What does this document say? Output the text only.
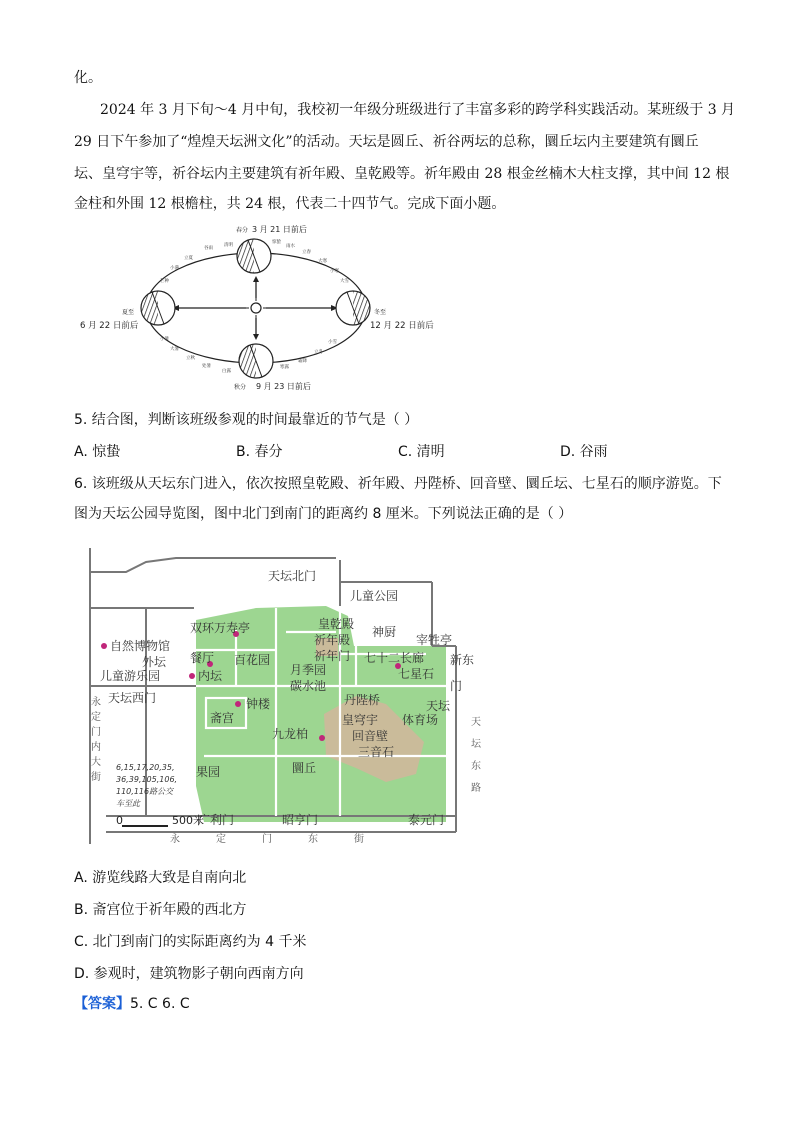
化。
2024 年 3 月下旬～4 月中旬，我校初一年级分班级进行了丰富多彩的跨学科实践活动。某班级于 3 月
29 日下午参加了“煌煌天坛洲文化”的活动。天坛是圆丘、祈谷两坛的总称，圜丘坛内主要建筑有圜丘
坛、皇穹宇等，祈谷坛内主要建筑有祈年殿、皇乾殿等。祈年殿由 28 根金丝楠木大柱支撑，其中间 12 根
金柱和外围 12 根檐柱，共 24 根，代表二十四节气。完成下面小题。
春分 3 月 21 日前后
夏至
6 月 22 日前后
冬至
12 月 22 日前后
秋分 9 月 23 日前后
清明
谷雨
立夏
小满
芒种
小暑
大暑
立秋
处暑
白露
寒露
霜降
立冬
小雪
大雪
小寒
大寒
立春
雨水
惊蛰
5. 结合图，判断该班级参观的时间最靠近的节气是（ ）
A. 惊蛰	B. 春分	C. 清明	D. 谷雨
6. 该班级从天坛东门进入，依次按照皇乾殿、祈年殿、丹陛桥、回音壁、圜丘坛、七星石的顺序游览。下
图为天坛公园导览图，图中北门到南门的距离约 8 厘米。下列说法正确的是（ ）
天坛北门
儿童公园
双环万寿亭	皇乾殿
祈年殿
神厨
宰牲亭
自然博物馆
外坛 餐厅 百花园
月季园
祈年门 七十二长廊 新东
门
儿童游乐园	内坛
碳水池
七星石
天坛西门	钟楼	丹陛桥	天坛
体育场
斋宫	皇穹宇
九龙柏	回音壁
三音石
果园	圜丘
广利门	昭亨门	泰元门
永定门内大街	天坛东路
永定门东街
6,15,17,20,35,
36,39,105,106,
110,116路公交
车至此
0	500米
A. 游览线路大致是自南向北
B. 斋宫位于祈年殿的西北方
C. 北门到南门的实际距离约为 4 千米
D. 参观时，建筑物影子朝向西南方向
【答案】5. C 6. C
